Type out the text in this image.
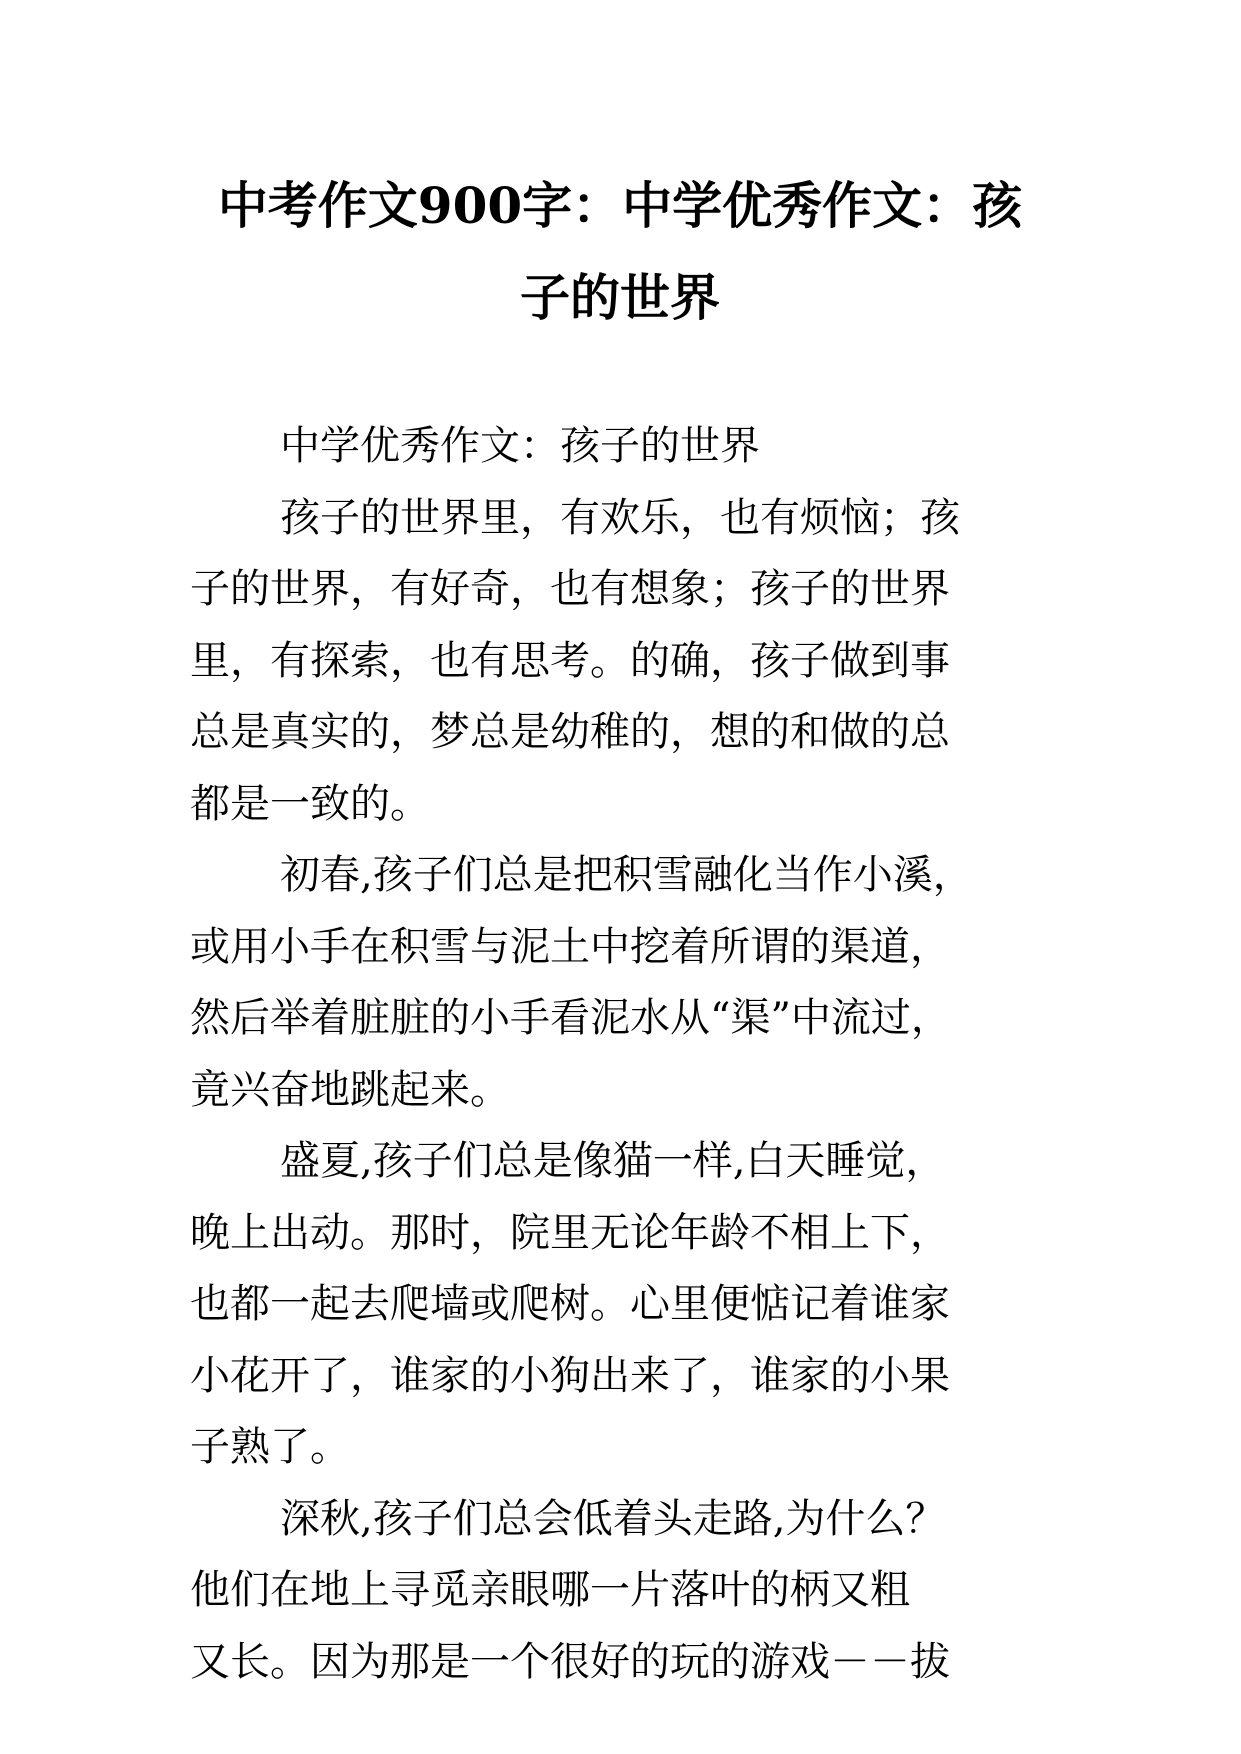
中考作文900字：中学优秀作文：孩
子的世界

中学优秀作文：孩子的世界

孩子的世界里，有欢乐，也有烦恼；孩
子的世界，有好奇，也有想象；孩子的世界
里，有探索，也有思考。的确，孩子做到事
总是真实的，梦总是幼稚的，想的和做的总
都是一致的。

初春,孩子们总是把积雪融化当作小溪，
或用小手在积雪与泥土中挖着所谓的渠道，
然后举着脏脏的小手看泥水从“渠”中流过，
竟兴奋地跳起来。

盛夏,孩子们总是像猫一样,白天睡觉，
晚上出动。那时，院里无论年龄不相上下，
也都一起去爬墙或爬树。心里便惦记着谁家
小花开了，谁家的小狗出来了，谁家的小果
子熟了。

深秋,孩子们总会低着头走路,为什么？
他们在地上寻觅亲眼哪一片落叶的柄又粗
又长。因为那是一个很好的玩的游戏－－拔
